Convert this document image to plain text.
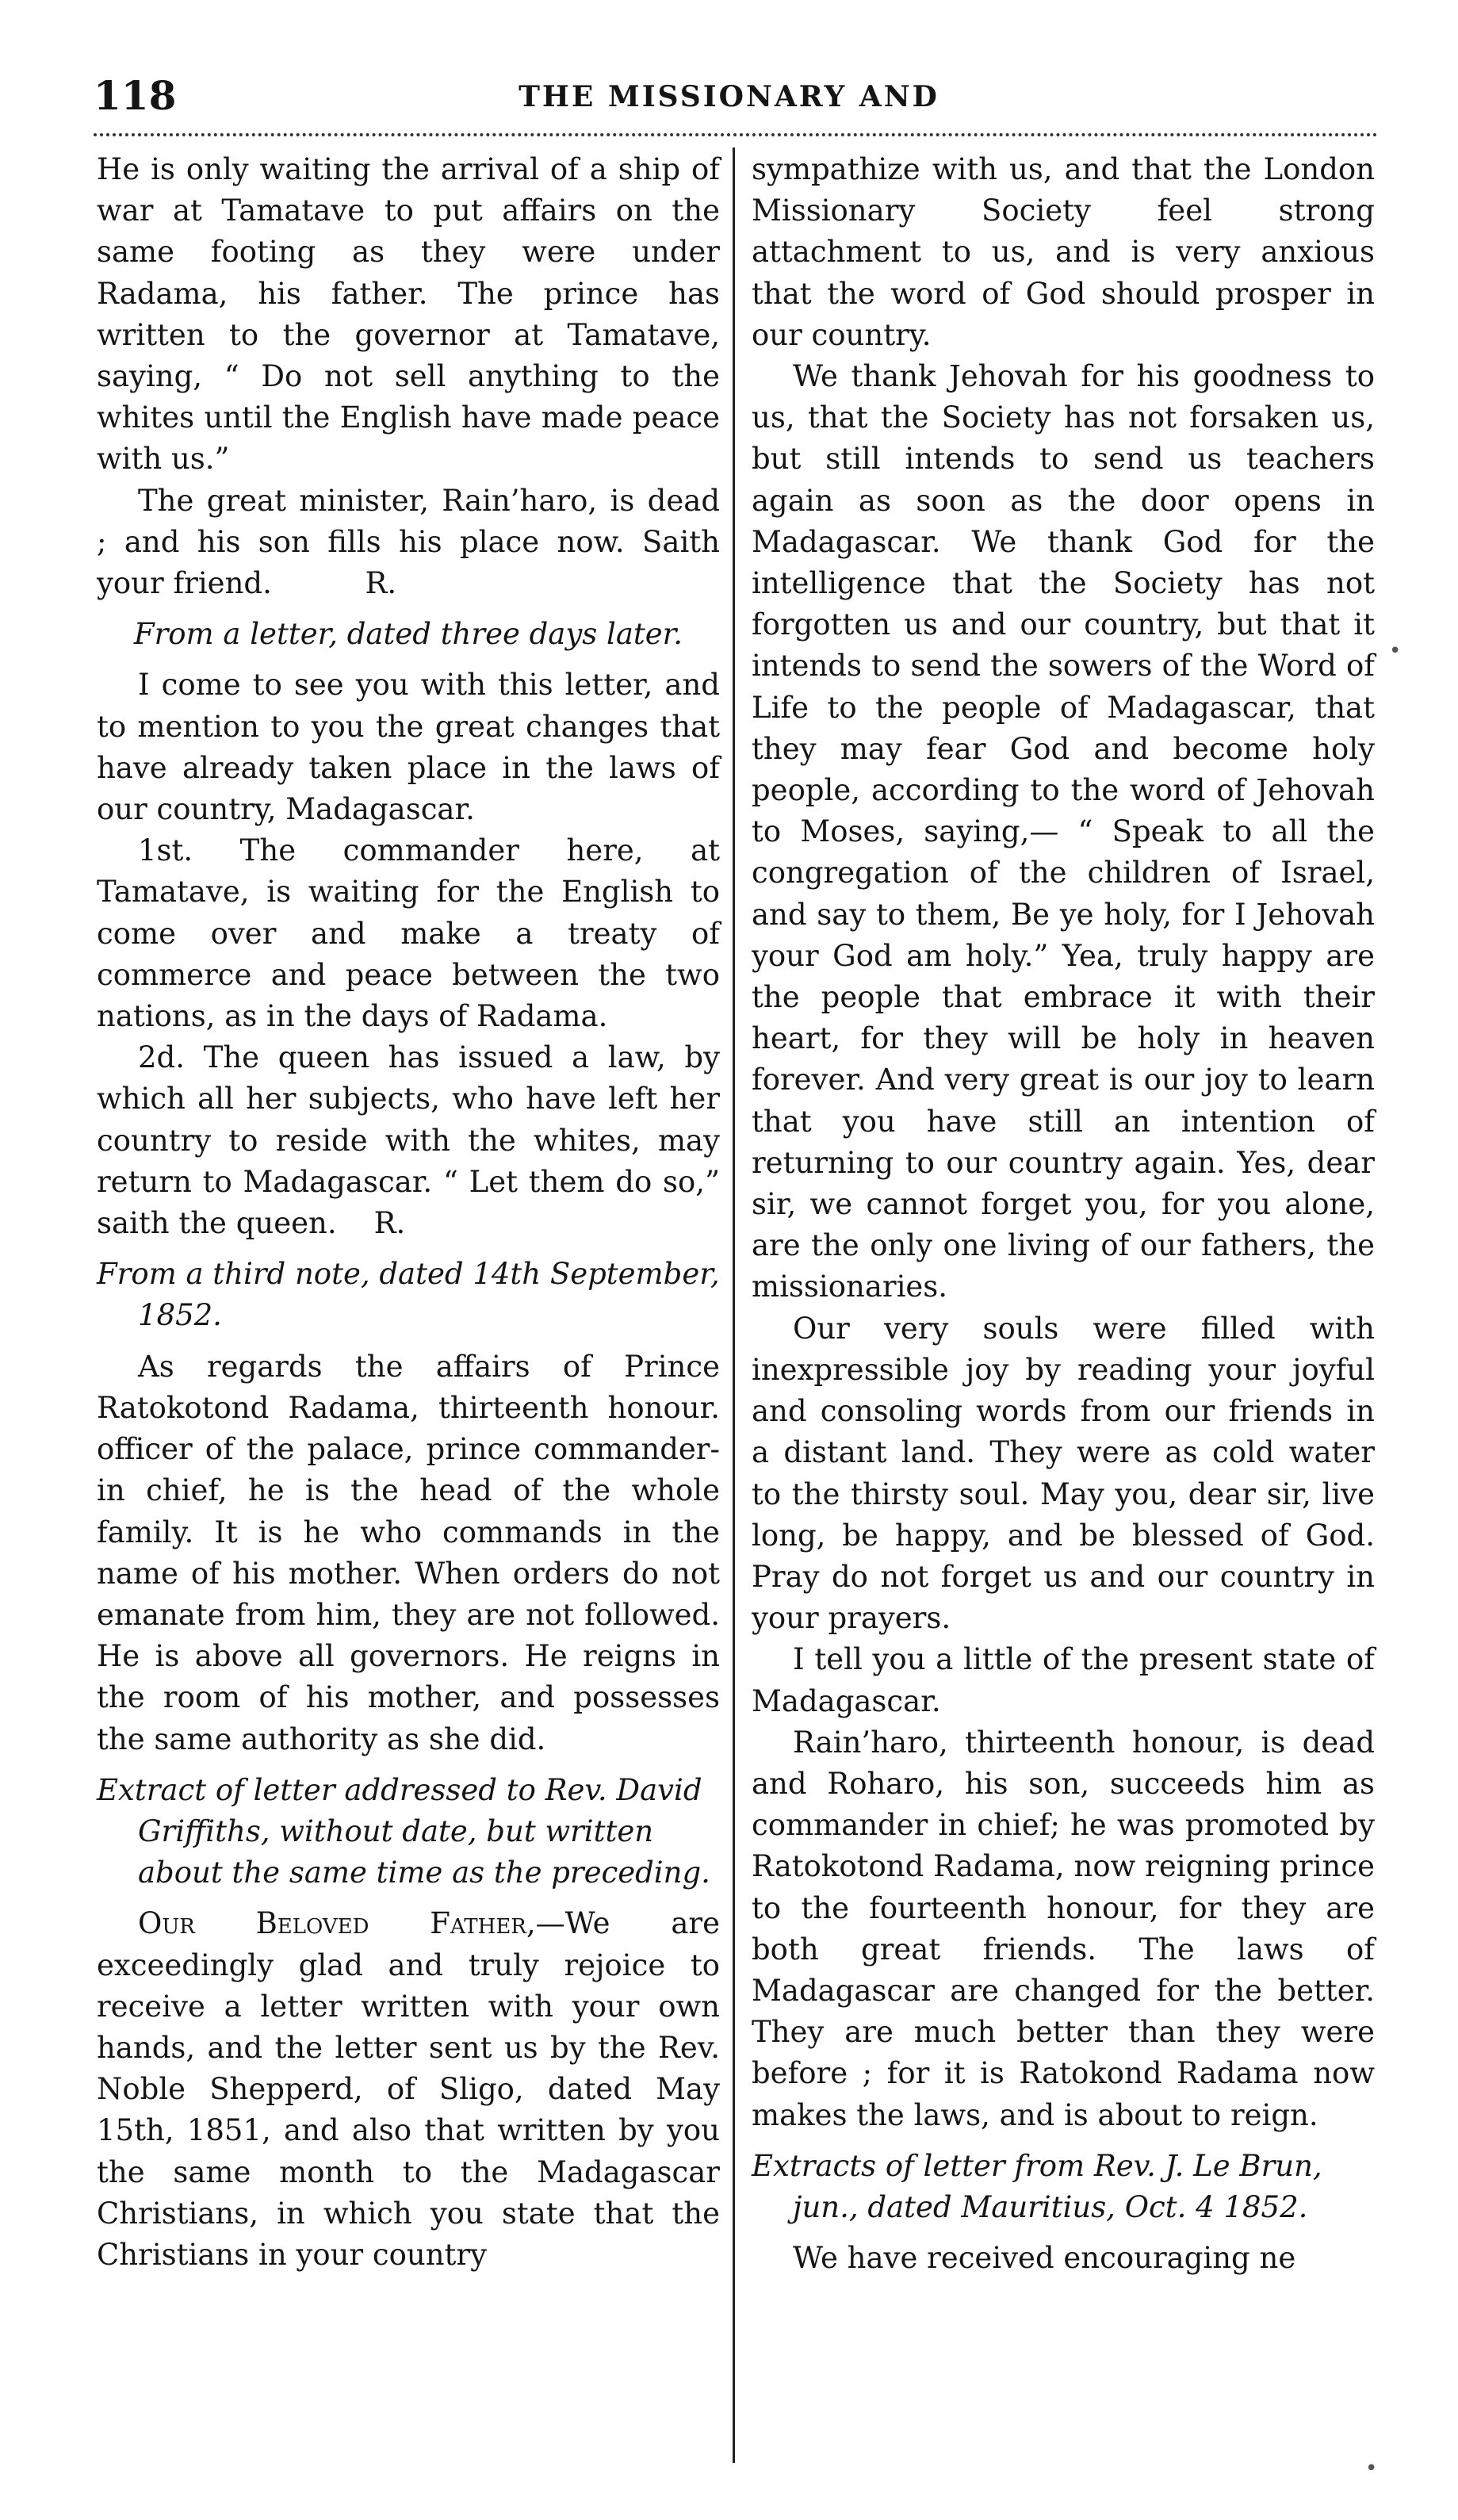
118	THE MISSIONARY AND

He is only waiting the arrival of a ship of war at Tamatave to put affairs on the same footing as they were under Radama, his father. The prince has written to the governor at Tamatave, saying, “ Do not sell anything to the whites until the English have made peace with us.”

The great minister, Rain’haro, is dead ; and his son fills his place now. Saith your friend.          R.

From a letter, dated three days later.

I come to see you with this letter, and to mention to you the great changes that have already taken place in the laws of our country, Madagascar.

1st. The commander here, at Tamatave, is waiting for the English to come over and make a treaty of commerce and peace between the two nations, as in the days of Radama.

2d. The queen has issued a law, by which all her subjects, who have left her country to reside with the whites, may return to Madagascar. “ Let them do so,” saith the queen.    R.

From a third note, dated 14th September, 1852.

As regards the affairs of Prince Ratokotond Radama, thirteenth honour. officer of the palace, prince commander-in chief, he is the head of the whole family. It is he who commands in the name of his mother. When orders do not emanate from him, they are not followed. He is above all governors. He reigns in the room of his mother, and possesses the same authority as she did.

Extract of letter addressed to Rev. David Griffiths, without date, but written about the same time as the preceding.

Our Beloved Father,—We are exceedingly glad and truly rejoice to receive a letter written with your own hands, and the letter sent us by the Rev. Noble Shepperd, of Sligo, dated May 15th, 1851, and also that written by you the same month to the Madagascar Christians, in which you state that the Christians in your country

sympathize with us, and that the London Missionary Society feel strong attachment to us, and is very anxious that the word of God should prosper in our country.

We thank Jehovah for his goodness to us, that the Society has not forsaken us, but still intends to send us teachers again as soon as the door opens in Madagascar. We thank God for the intelligence that the Society has not forgotten us and our country, but that it intends to send the sowers of the Word of Life to the people of Madagascar, that they may fear God and become holy people, according to the word of Jehovah to Moses, saying,— “ Speak to all the congregation of the children of Israel, and say to them, Be ye holy, for I Jehovah your God am holy.” Yea, truly happy are the people that embrace it with their heart, for they will be holy in heaven forever. And very great is our joy to learn that you have still an intention of returning to our country again. Yes, dear sir, we cannot forget you, for you alone, are the only one living of our fathers, the missionaries.

Our very souls were filled with inexpressible joy by reading your joyful and consoling words from our friends in a distant land. They were as cold water to the thirsty soul. May you, dear sir, live long, be happy, and be blessed of God. Pray do not forget us and our country in your prayers.

I tell you a little of the present state of Madagascar.

Rain’haro, thirteenth honour, is dead and Roharo, his son, succeeds him as commander in chief; he was promoted by Ratokotond Radama, now reigning prince to the fourteenth honour, for they are both great friends. The laws of Madagascar are changed for the better. They are much better than they were before ; for it is Ratokond Radama now makes the laws, and is about to reign.

Extracts of letter from Rev. J. Le Brun, jun., dated Mauritius, Oct. 4 1852.

We have received encouraging ne

•
•
